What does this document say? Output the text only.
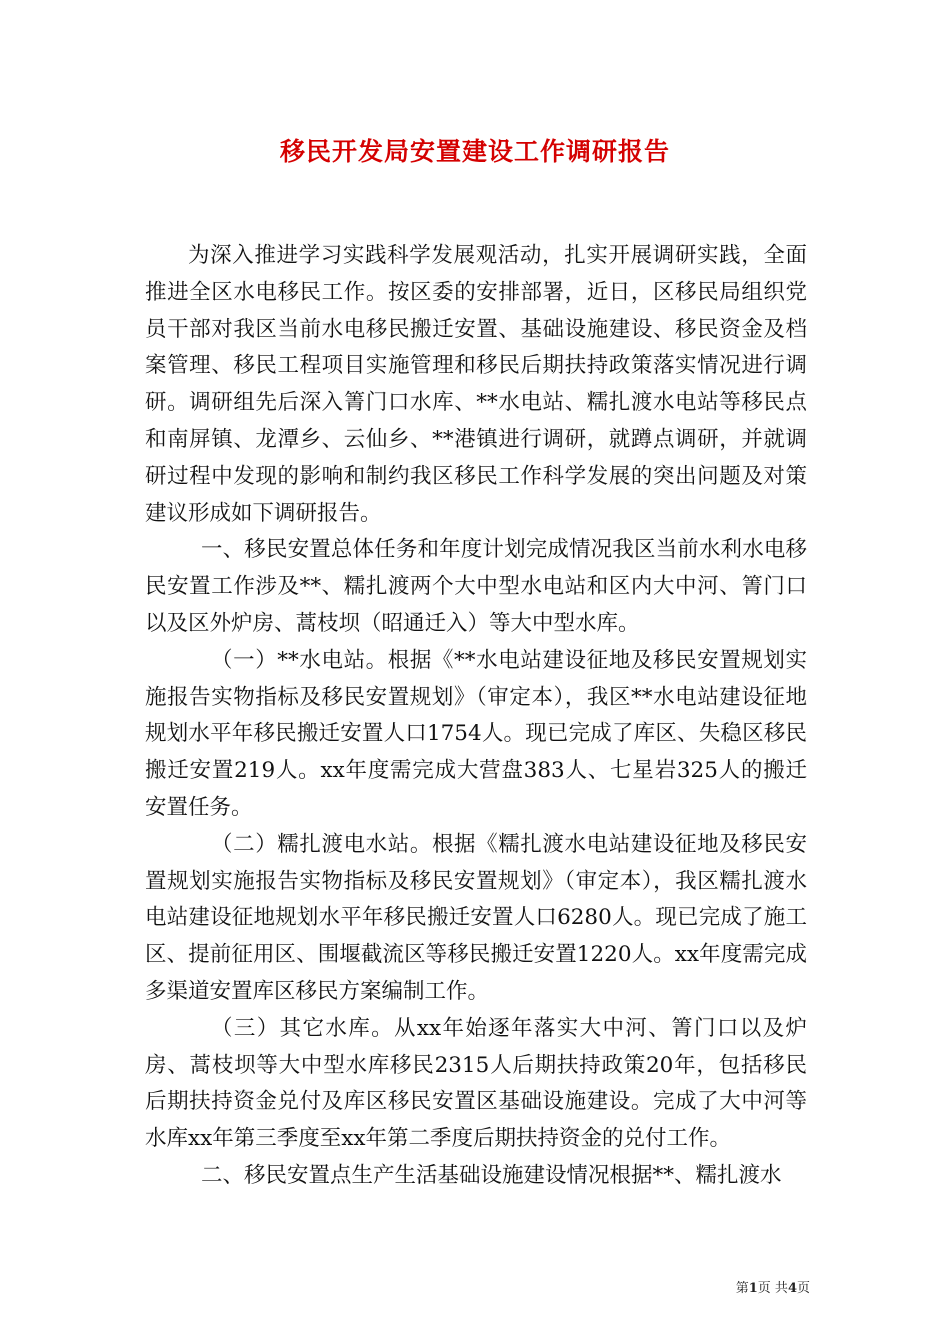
移民开发局安置建设工作调研报告

为深入推进学习实践科学发展观活动，扎实开展调研实践，全面推进全区水电移民工作。按区委的安排部署，近日，区移民局组织党员干部对我区当前水电移民搬迁安置、基础设施建设、移民资金及档案管理、移民工程项目实施管理和移民后期扶持政策落实情况进行调研。调研组先后深入箐门口水库、**水电站、糯扎渡水电站等移民点和南屏镇、龙潭乡、云仙乡、**港镇进行调研，就蹲点调研，并就调研过程中发现的影响和制约我区移民工作科学发展的突出问题及对策建议形成如下调研报告。

一、移民安置总体任务和年度计划完成情况我区当前水利水电移民安置工作涉及**、糯扎渡两个大中型水电站和区内大中河、箐门口以及区外炉房、蒿枝坝（昭通迁入）等大中型水库。

（一）**水电站。根据《**水电站建设征地及移民安置规划实施报告实物指标及移民安置规划》（审定本），我区**水电站建设征地规划水平年移民搬迁安置人口1754人。现已完成了库区、失稳区移民搬迁安置219人。xx年度需完成大营盘383人、七星岩325人的搬迁安置任务。

（二）糯扎渡电水站。根据《糯扎渡水电站建设征地及移民安置规划实施报告实物指标及移民安置规划》（审定本），我区糯扎渡水电站建设征地规划水平年移民搬迁安置人口6280人。现已完成了施工区、提前征用区、围堰截流区等移民搬迁安置1220人。xx年度需完成多渠道安置库区移民方案编制工作。

（三）其它水库。从xx年始逐年落实大中河、箐门口以及炉房、蒿枝坝等大中型水库移民2315人后期扶持政策20年，包括移民后期扶持资金兑付及库区移民安置区基础设施建设。完成了大中河等水库xx年第三季度至xx年第二季度后期扶持资金的兑付工作。

二、移民安置点生产生活基础设施建设情况根据**、糯扎渡水

第1页 共4页
